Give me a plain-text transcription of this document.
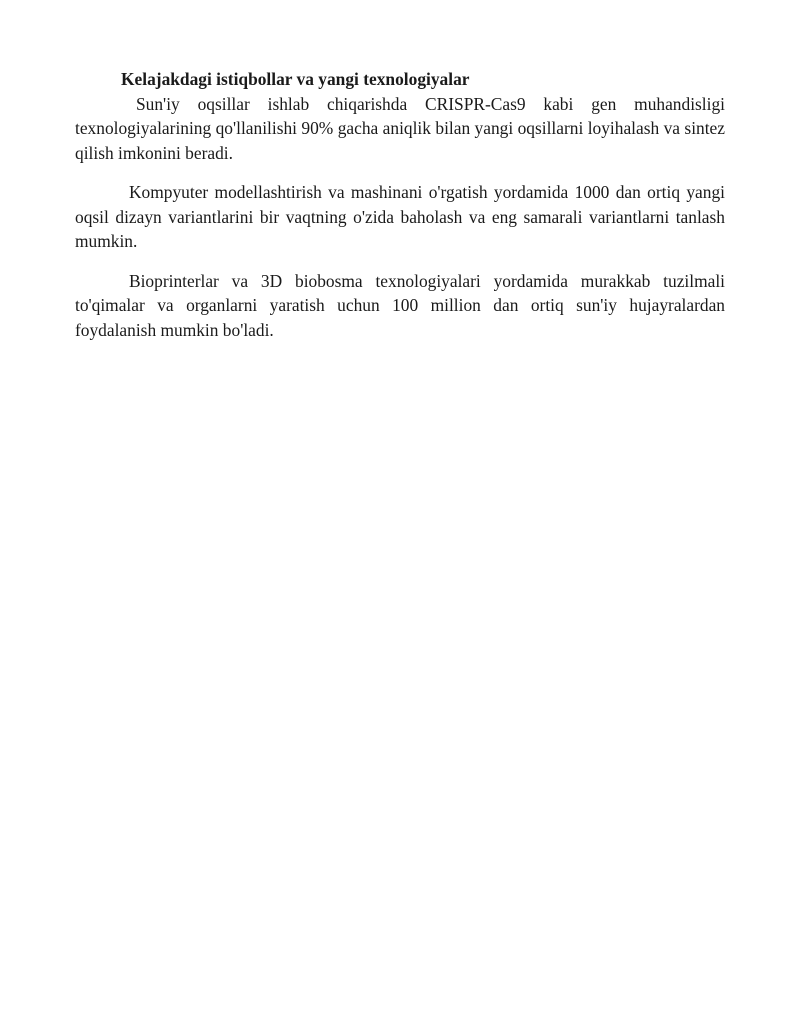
Kelajakdagi istiqbollar va yangi texnologiyalar

Sun'iy oqsillar ishlab chiqarishda CRISPR-Cas9 kabi gen muhandisligi texnologiyalarining qo'llanilishi 90% gacha aniqlik bilan yangi oqsillarni loyihalash va sintez qilish imkonini beradi.

Kompyuter modellashtirish va mashinani o'rgatish yordamida 1000 dan ortiq yangi oqsil dizayn variantlarini bir vaqtning o'zida baholash va eng samarali variantlarni tanlash mumkin.

Bioprinterlar va 3D biobosma texnologiyalari yordamida murakkab tuzilmali to'qimalar va organlarni yaratish uchun 100 million dan ortiq sun'iy hujayralardan foydalanish mumkin bo'ladi.
